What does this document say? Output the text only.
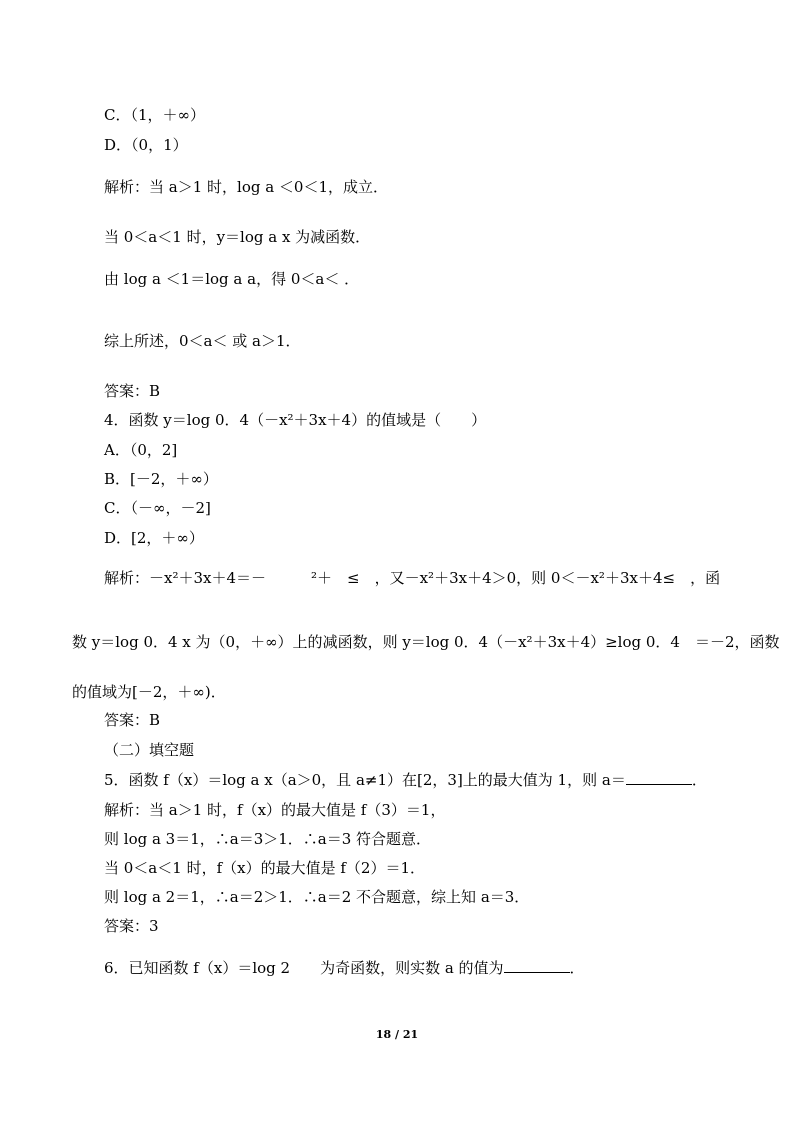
C．（1，＋∞）
D．（0，1）
解析：当 a＞1 时，log a ＜0＜1，成立．
当 0＜a＜1 时，y＝log a x 为减函数．
由 log a ＜1＝log a a，得 0＜a＜ ．
综上所述，0＜a＜ 或 a＞1．
答案：B
4．函数 y＝log 0．4（－x²＋3x＋4）的值域是（　　）
A．（0，2]
B．[－2，＋∞）
C．（－∞，－2]
D．[2，＋∞）
解析：－x²＋3x＋4＝－　　　²＋　≤　，又－x²＋3x＋4＞0，则 0＜－x²＋3x＋4≤　，函
数 y＝log 0．4 x 为（0，＋∞）上的减函数，则 y＝log 0．4（－x²＋3x＋4）≥log 0．4　＝－2，函数
的值域为[－2，＋∞)．
答案：B
（二）填空题
5．函数 f（x）＝log a x（a＞0，且 a≠1）在[2，3]上的最大值为 1，则 a＝	．
解析：当 a＞1 时，f（x）的最大值是 f（3）＝1，
则 log a 3＝1，∴a＝3＞1．∴a＝3 符合题意．
当 0＜a＜1 时，f（x）的最大值是 f（2）＝1．
则 log a 2＝1，∴a＝2＞1．∴a＝2 不合题意，综上知 a＝3．
答案：3
6．已知函数 f（x）＝log 2　　为奇函数，则实数 a 的值为	．
18 / 21
